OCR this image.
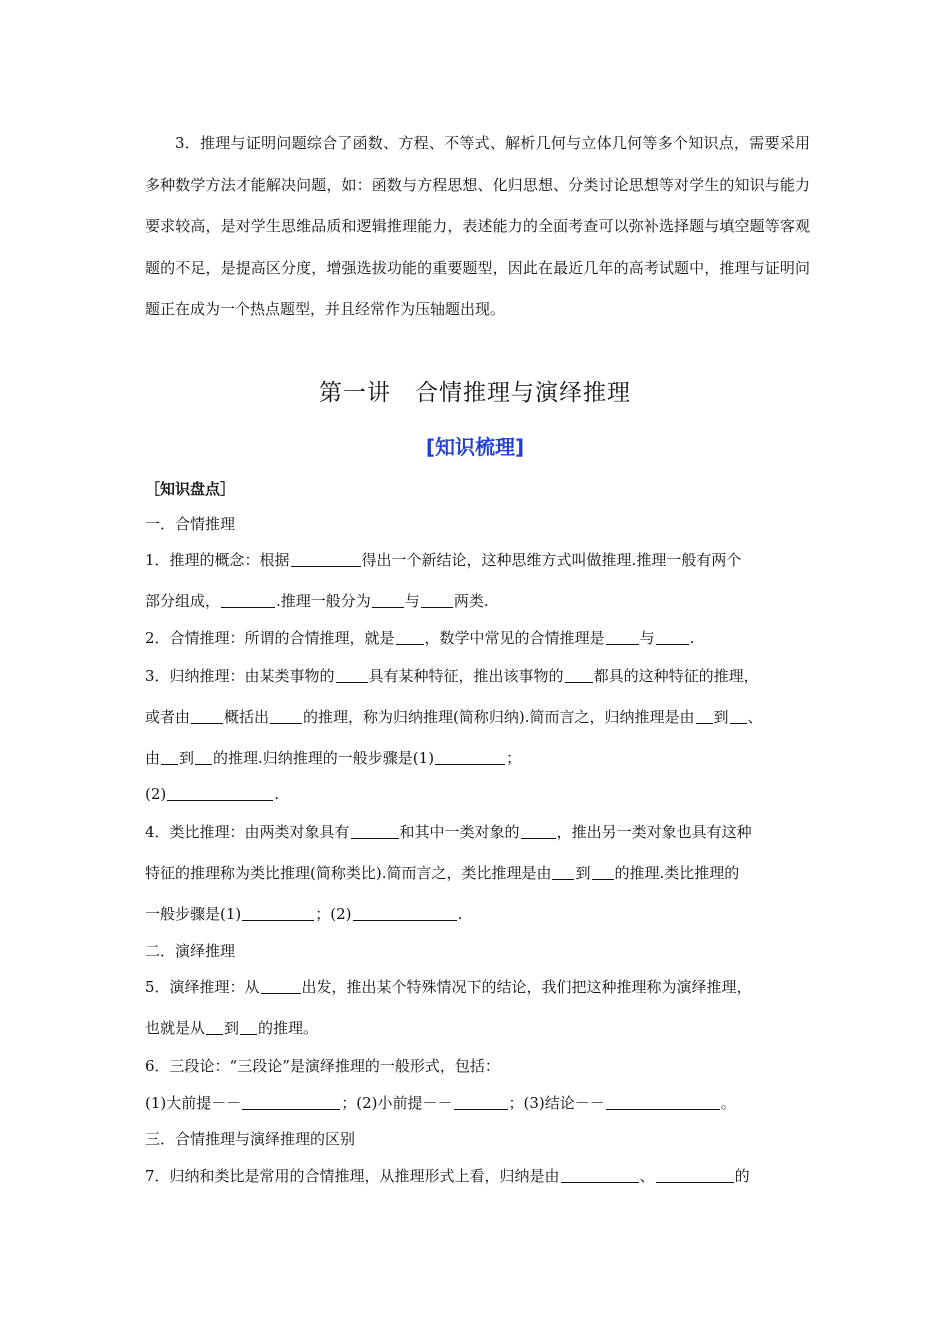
3．推理与证明问题综合了函数、方程、不等式、解析几何与立体几何等多个知识点，需要采用多种数学方法才能解决问题，如：函数与方程思想、化归思想、分类讨论思想等对学生的知识与能力要求较高，是对学生思维品质和逻辑推理能力，表述能力的全面考查可以弥补选择题与填空题等客观题的不足，是提高区分度，增强选拔功能的重要题型，因此在最近几年的高考试题中，推理与证明问题正在成为一个热点题型，并且经常作为压轴题出现。

第一讲　合情推理与演绎推理
[知识梳理]

［知识盘点］

一．合情推理

1．推理的概念：根据	得出一个新结论，这种思维方式叫做推理.推理一般有两个

部分组成，	.推理一般分为 与 两类.

2．合情推理：所谓的合情推理，就是 ，数学中常见的合情推理是 与 .

3．归纳推理：由某类事物的 具有某种特征，推出该事物的 都具的这种特征的推理，

或者由 概括出 的推理，称为归纳推理(简称归纳).简而言之，归纳推理是由 到 、

由 到 的推理.归纳推理的一般步骤是(1)	；

(2)	.

4．类比推理：由两类对象具有	和其中一类对象的 ，推出另一类对象也具有这种

特征的推理称为类比推理(简称类比).简而言之，类比推理是由 到 的推理.类比推理的

一般步骤是(1)	；(2)	.

二．演绎推理

5．演绎推理：从	出发，推出某个特殊情况下的结论，我们把这种推理称为演绎推理，

也就是从 到 的推理。

6．三段论：“三段论”是演绎推理的一般形式，包括：

(1)大前提－－	；(2)小前提－－	；(3)结论－－	。

三．合情推理与演绎推理的区别

7．归纳和类比是常用的合情推理，从推理形式上看，归纳是由	、	的
